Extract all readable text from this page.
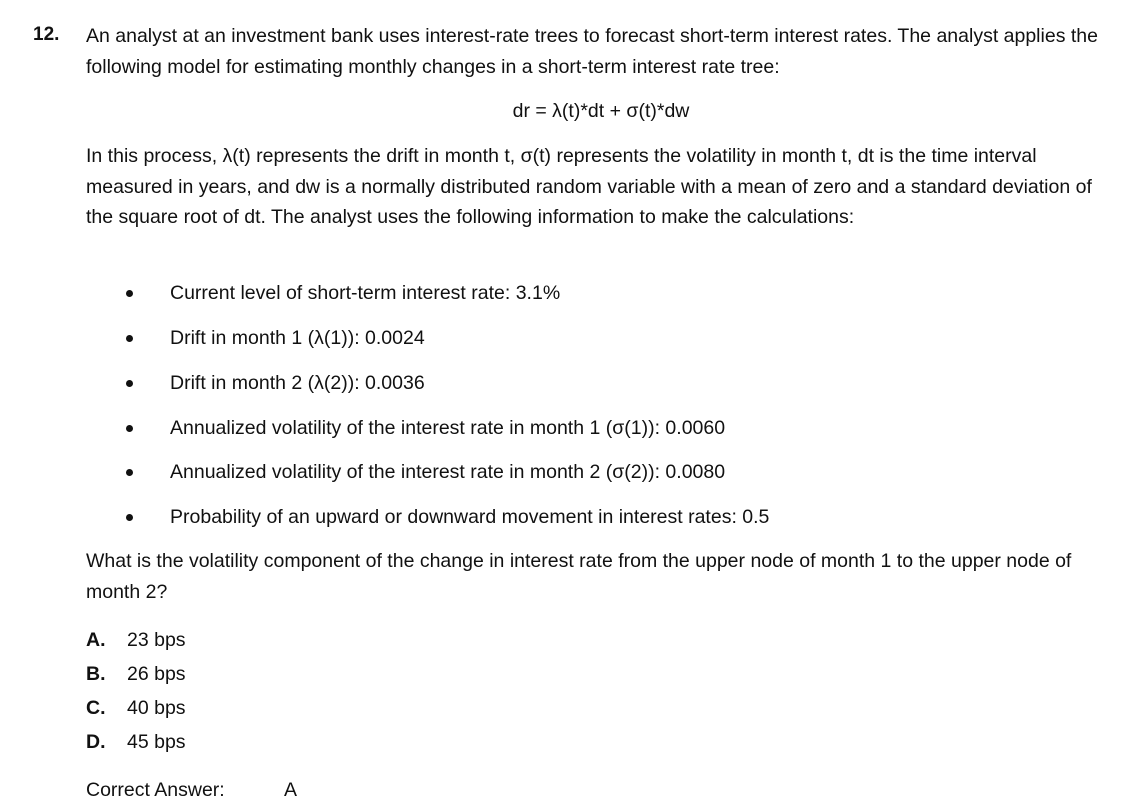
12. An analyst at an investment bank uses interest-rate trees to forecast short-term interest rates. The analyst applies the following model for estimating monthly changes in a short-term interest rate tree:

dr = λ(t)*dt + σ(t)*dw

In this process, λ(t) represents the drift in month t, σ(t) represents the volatility in month t, dt is the time interval measured in years, and dw is a normally distributed random variable with a mean of zero and a standard deviation of the square root of dt. The analyst uses the following information to make the calculations:

Current level of short-term interest rate: 3.1%
Drift in month 1 (λ(1)): 0.0024
Drift in month 2 (λ(2)): 0.0036
Annualized volatility of the interest rate in month 1 (σ(1)): 0.0060
Annualized volatility of the interest rate in month 2 (σ(2)): 0.0080
Probability of an upward or downward movement in interest rates: 0.5

What is the volatility component of the change in interest rate from the upper node of month 1 to the upper node of month 2?

A. 23 bps
B. 26 bps
C. 40 bps
D. 45 bps
Correct Answer:	A
